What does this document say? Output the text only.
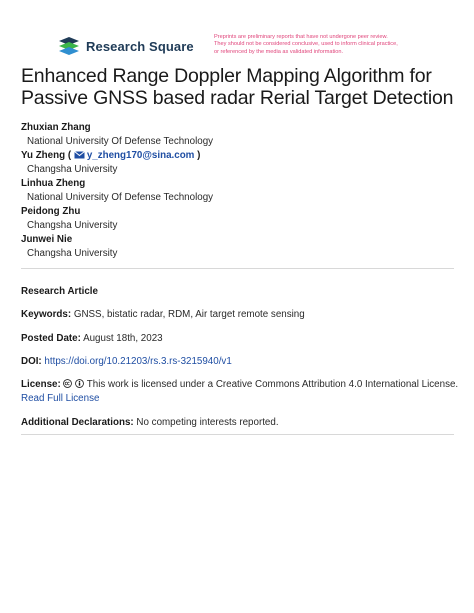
Research Square
Preprints are preliminary reports that have not undergone peer review.
They should not be considered conclusive, used to inform clinical practice,
or referenced by the media as validated information.
Enhanced Range Doppler Mapping Algorithm for
Passive GNSS based radar Rerial Target Detection
Zhuxian Zhang
National University Of Defense Technology
Yu Zheng ( y_zheng170@sina.com )
Changsha University
Linhua Zheng
National University Of Defense Technology
Peidong Zhu
Changsha University
Junwei Nie
Changsha University
Research Article
Keywords: GNSS, bistatic radar, RDM, Air target remote sensing
Posted Date: August 18th, 2023
DOI: https://doi.org/10.21203/rs.3.rs-3215940/v1
License:	This work is licensed under a Creative Commons Attribution 4.0 International License.
Read Full License
Additional Declarations: No competing interests reported.
